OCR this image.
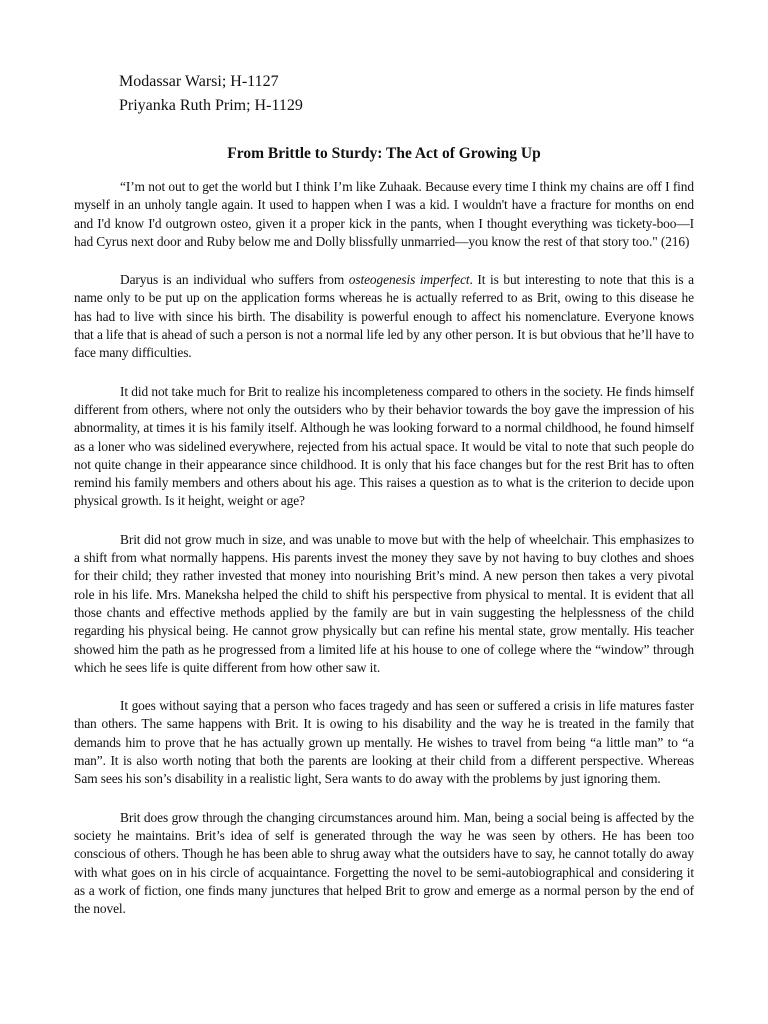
Modassar Warsi; H-1127
Priyanka Ruth Prim; H-1129
From Brittle to Sturdy: The Act of Growing Up

“I’m not out to get the world but I think I’m like Zuhaak. Because every time I think my chains are off I find myself in an unholy tangle again. It used to happen when I was a kid. I wouldn't have a fracture for months on end and I'd know I'd outgrown osteo, given it a proper kick in the pants, when I thought everything was tickety-boo—I had Cyrus next door and Ruby below me and Dolly blissfully unmarried—you know the rest of that story too." (216)

Daryus is an individual who suffers from osteogenesis imperfect. It is but interesting to note that this is a name only to be put up on the application forms whereas he is actually referred to as Brit, owing to this disease he has had to live with since his birth. The disability is powerful enough to affect his nomenclature. Everyone knows that a life that is ahead of such a person is not a normal life led by any other person. It is but obvious that he’ll have to face many difficulties.

It did not take much for Brit to realize his incompleteness compared to others in the society. He finds himself different from others, where not only the outsiders who by their behavior towards the boy gave the impression of his abnormality, at times it is his family itself. Although he was looking forward to a normal childhood, he found himself as a loner who was sidelined everywhere, rejected from his actual space. It would be vital to note that such people do not quite change in their appearance since childhood. It is only that his face changes but for the rest Brit has to often remind his family members and others about his age. This raises a question as to what is the criterion to decide upon physical growth. Is it height, weight or age?

Brit did not grow much in size, and was unable to move but with the help of wheelchair. This emphasizes to a shift from what normally happens. His parents invest the money they save by not having to buy clothes and shoes for their child; they rather invested that money into nourishing Brit’s mind. A new person then takes a very pivotal role in his life. Mrs. Maneksha helped the child to shift his perspective from physical to mental. It is evident that all those chants and effective methods applied by the family are but in vain suggesting the helplessness of the child regarding his physical being. He cannot grow physically but can refine his mental state, grow mentally. His teacher showed him the path as he progressed from a limited life at his house to one of college where the “window” through which he sees life is quite different from how other saw it.

It goes without saying that a person who faces tragedy and has seen or suffered a crisis in life matures faster than others. The same happens with Brit. It is owing to his disability and the way he is treated in the family that demands him to prove that he has actually grown up mentally. He wishes to travel from being “a little man” to “a man”. It is also worth noting that both the parents are looking at their child from a different perspective. Whereas Sam sees his son’s disability in a realistic light, Sera wants to do away with the problems by just ignoring them.

Brit does grow through the changing circumstances around him. Man, being a social being is affected by the society he maintains. Brit’s idea of self is generated through the way he was seen by others. He has been too conscious of others. Though he has been able to shrug away what the outsiders have to say, he cannot totally do away with what goes on in his circle of acquaintance. Forgetting the novel to be semi-autobiographical and considering it as a work of fiction, one finds many junctures that helped Brit to grow and emerge as a normal person by the end of the novel.
